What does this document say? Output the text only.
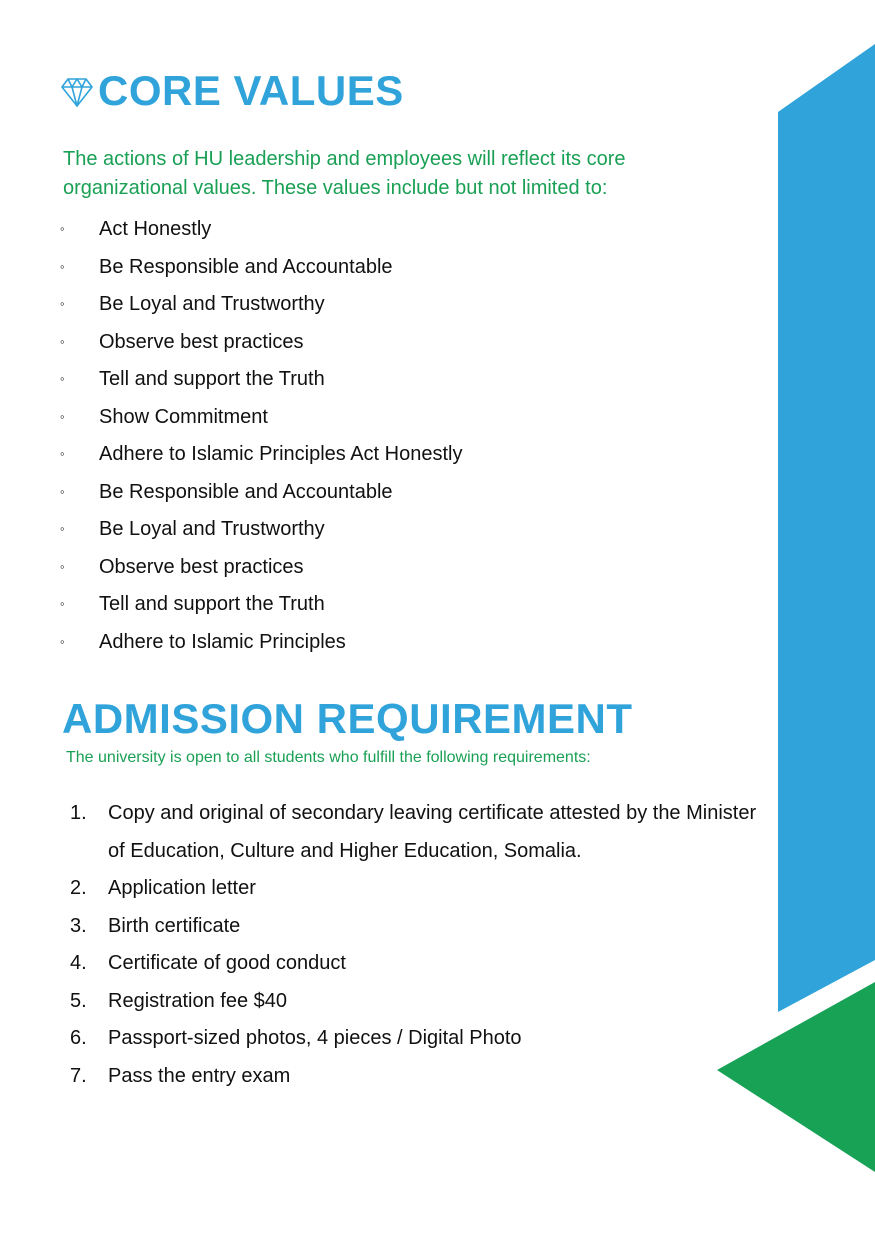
CORE VALUES
The actions of HU leadership and employees will reflect its core organizational values. These values include but not limited to:
◦	Act Honestly
◦	Be Responsible and Accountable
◦	Be Loyal and Trustworthy
◦	Observe best practices
◦	Tell and support the Truth
◦	Show Commitment
◦	Adhere to Islamic Principles Act Honestly
◦	Be Responsible and Accountable
◦	Be Loyal and Trustworthy
◦	Observe best practices
◦	Tell and support the Truth
◦	Adhere to Islamic Principles
ADMISSION REQUIREMENT
The university is open to all students who fulfill the following requirements:
1.	Copy and original of secondary leaving certificate attested by the Minister of Education, Culture and Higher Education, Somalia.
2.	Application letter
3.	Birth certificate
4.	Certificate of good conduct
5.	Registration fee $40
6.	Passport-sized photos, 4 pieces / Digital Photo
7.	Pass the entry exam
